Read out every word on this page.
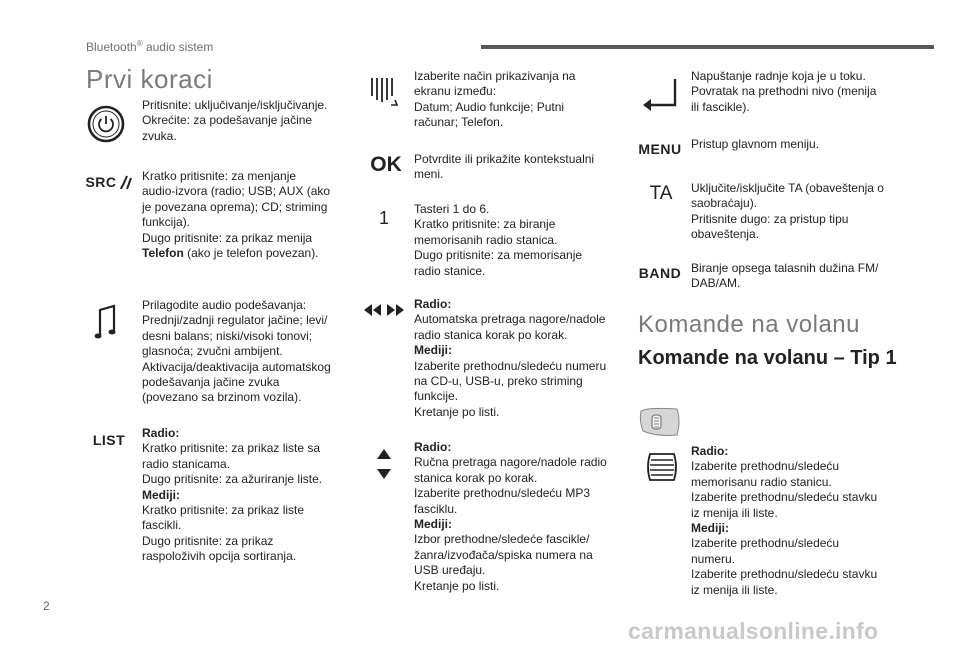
Bluetooth® audio sistem
Prvi koraci
Pritisnite: uključivanje/isključivanje.
Okrećite: za podešavanje jačine
zvuka.
SRC Kratko pritisnite: za menjanje
audio-izvora (radio; USB; AUX (ako
je povezana oprema); CD; striming
funkcija).
Dugo pritisnite: za prikaz menija
Telefon (ako je telefon povezan).
Prilagodite audio podešavanja:
Prednji/zadnji regulator jačine; levi/
desni balans; niski/visoki tonovi;
glasnoća; zvučni ambijent.
Aktivacija/deaktivacija automatskog
podešavanja jačine zvuka
(povezano sa brzinom vozila).
LIST Radio:
Kratko pritisnite: za prikaz liste sa
radio stanicama.
Dugo pritisnite: za ažuriranje liste.
Mediji:
Kratko pritisnite: za prikaz liste
fascikli.
Dugo pritisnite: za prikaz
raspoloživih opcija sortiranja.
Izaberite način prikazivanja na
ekranu između:
Datum; Audio funkcije; Putni
računar; Telefon.
OK Potvrdite ili prikažite kontekstualni
meni.
1 Tasteri 1 do 6.
Kratko pritisnite: za biranje
memorisanih radio stanica.
Dugo pritisnite: za memorisanje
radio stanice.
Radio:
Automatska pretraga nagore/nadole
radio stanica korak po korak.
Mediji:
Izaberite prethodnu/sledeću numeru
na CD-u, USB-u, preko striming
funkcije.
Kretanje po listi.
Radio:
Ručna pretraga nagore/nadole radio
stanica korak po korak.
Izaberite prethodnu/sledeću MP3
fasciklu.
Mediji:
Izbor prethodne/sledeće fascikle/
žanra/izvođača/spiska numera na
USB uređaju.
Kretanje po listi.
Napuštanje radnje koja je u toku.
Povratak na prethodni nivo (menija
ili fascikle).
MENU Pristup glavnom meniju.
TA Uključite/isključite TA (obaveštenja o
saobraćaju).
Pritisnite dugo: za pristup tipu
obaveštenja.
BAND Biranje opsega talasnih dužina FM/
DAB/AM.
Komande na volanu
Komande na volanu – Tip 1
Radio:
Izaberite prethodnu/sledeću
memorisanu radio stanicu.
Izaberite prethodnu/sledeću stavku
iz menija ili liste.
Mediji:
Izaberite prethodnu/sledeću
numeru.
Izaberite prethodnu/sledeću stavku
iz menija ili liste.
2
carmanualsonline.info
